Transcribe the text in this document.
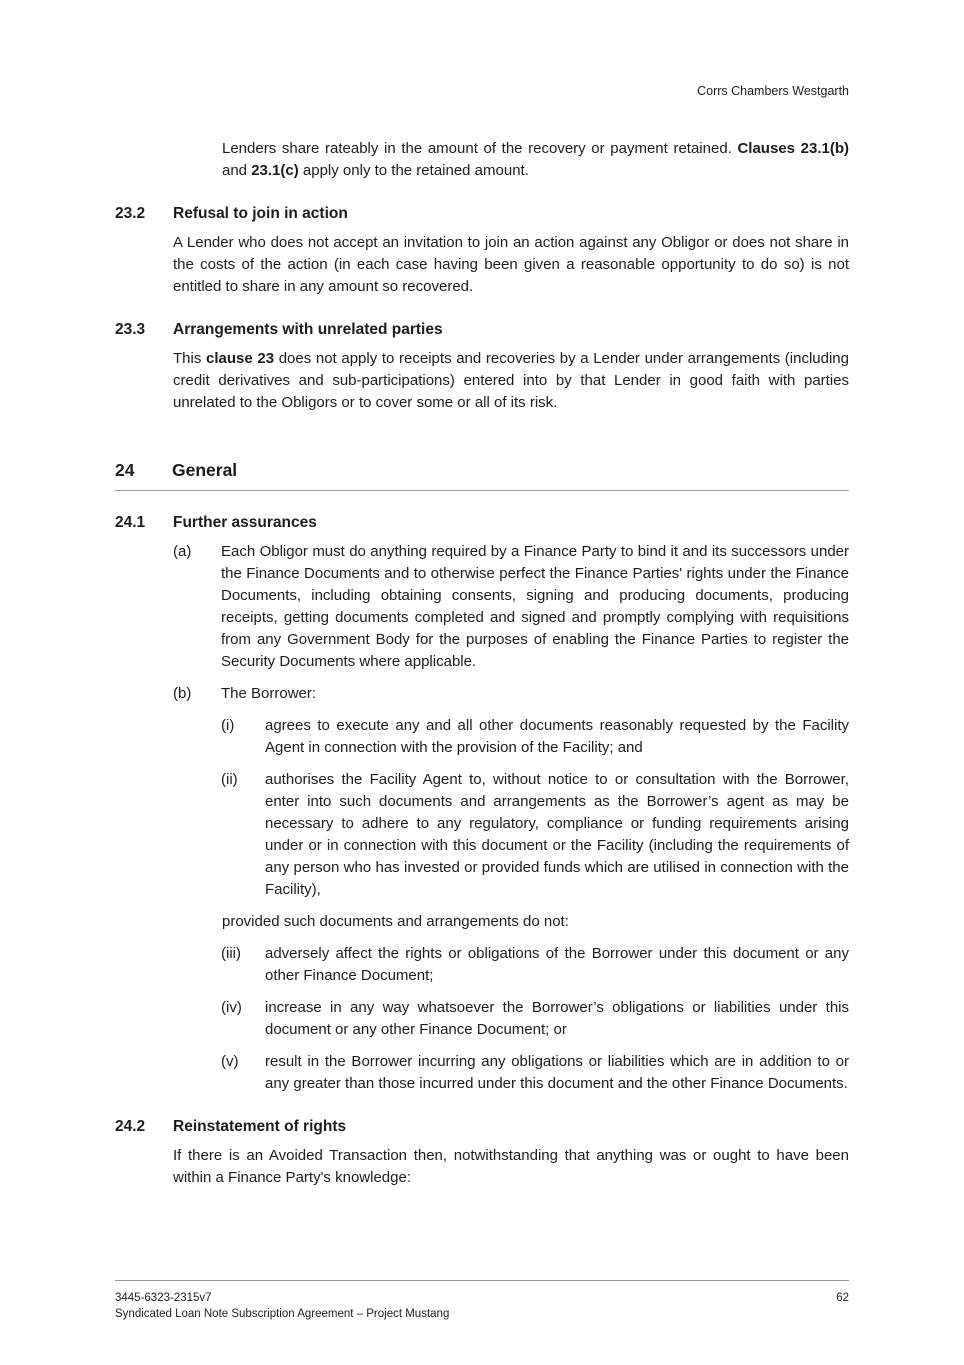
Corrs Chambers Westgarth
Lenders share rateably in the amount of the recovery or payment retained. Clauses 23.1(b) and 23.1(c) apply only to the retained amount.
23.2	Refusal to join in action
A Lender who does not accept an invitation to join an action against any Obligor or does not share in the costs of the action (in each case having been given a reasonable opportunity to do so) is not entitled to share in any amount so recovered.
23.3	Arrangements with unrelated parties
This clause 23 does not apply to receipts and recoveries by a Lender under arrangements (including credit derivatives and sub-participations) entered into by that Lender in good faith with parties unrelated to the Obligors or to cover some or all of its risk.
24	General
24.1	Further assurances
(a)	Each Obligor must do anything required by a Finance Party to bind it and its successors under the Finance Documents and to otherwise perfect the Finance Parties' rights under the Finance Documents, including obtaining consents, signing and producing documents, producing receipts, getting documents completed and signed and promptly complying with requisitions from any Government Body for the purposes of enabling the Finance Parties to register the Security Documents where applicable.
(b)	The Borrower:
(i)	agrees to execute any and all other documents reasonably requested by the Facility Agent in connection with the provision of the Facility; and
(ii)	authorises the Facility Agent to, without notice to or consultation with the Borrower, enter into such documents and arrangements as the Borrower’s agent as may be necessary to adhere to any regulatory, compliance or funding requirements arising under or in connection with this document or the Facility (including the requirements of any person who has invested or provided funds which are utilised in connection with the Facility),
provided such documents and arrangements do not:
(iii)	adversely affect the rights or obligations of the Borrower under this document or any other Finance Document;
(iv)	increase in any way whatsoever the Borrower’s obligations or liabilities under this document or any other Finance Document; or
(v)	result in the Borrower incurring any obligations or liabilities which are in addition to or any greater than those incurred under this document and the other Finance Documents.
24.2	Reinstatement of rights
If there is an Avoided Transaction then, notwithstanding that anything was or ought to have been within a Finance Party's knowledge:
3445-6323-2315v7
Syndicated Loan Note Subscription Agreement – Project Mustang
62
